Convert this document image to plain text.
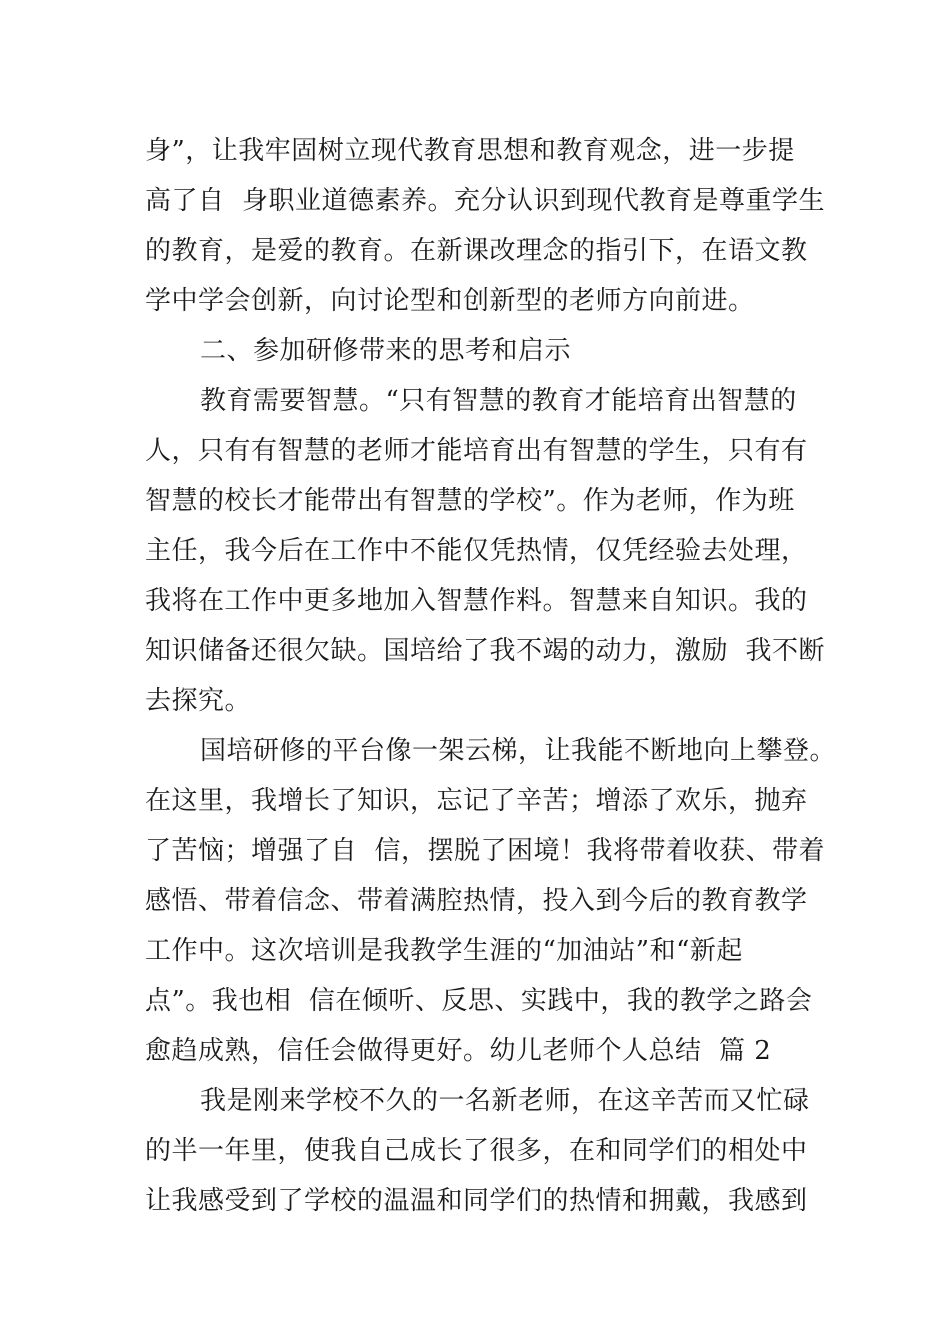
身”，让我牢固树立现代教育思想和教育观念，进一步提
高了自  身职业道德素养。充分认识到现代教育是尊重学生
的教育，是爱的教育。在新课改理念的指引下，在语文教
学中学会创新，向讨论型和创新型的老师方向前进。
二、参加研修带来的思考和启示
教育需要智慧。“只有智慧的教育才能培育出智慧的
人，只有有智慧的老师才能培育出有智慧的学生，只有有
智慧的校长才能带出有智慧的学校”。作为老师，作为班
主任，我今后在工作中不能仅凭热情，仅凭经验去处理，
我将在工作中更多地加入智慧作料。智慧来自知识。我的
知识储备还很欠缺。国培给了我不竭的动力，激励  我不断
去探究。
国培研修的平台像一架云梯，让我能不断地向上攀登。
在这里，我增长了知识，忘记了辛苦；增添了欢乐，抛弃
了苦恼；增强了自  信，摆脱了困境！我将带着收获、带着
感悟、带着信念、带着满腔热情，投入到今后的教育教学
工作中。这次培训是我教学生涯的“加油站”和“新起
点”。我也相  信在倾听、反思、实践中，我的教学之路会
愈趋成熟，信任会做得更好。幼儿老师个人总结  篇 2
我是刚来学校不久的一名新老师，在这辛苦而又忙碌
的半一年里，使我自己成长了很多，在和同学们的相处中
让我感受到了学校的温温和同学们的热情和拥戴，我感到
